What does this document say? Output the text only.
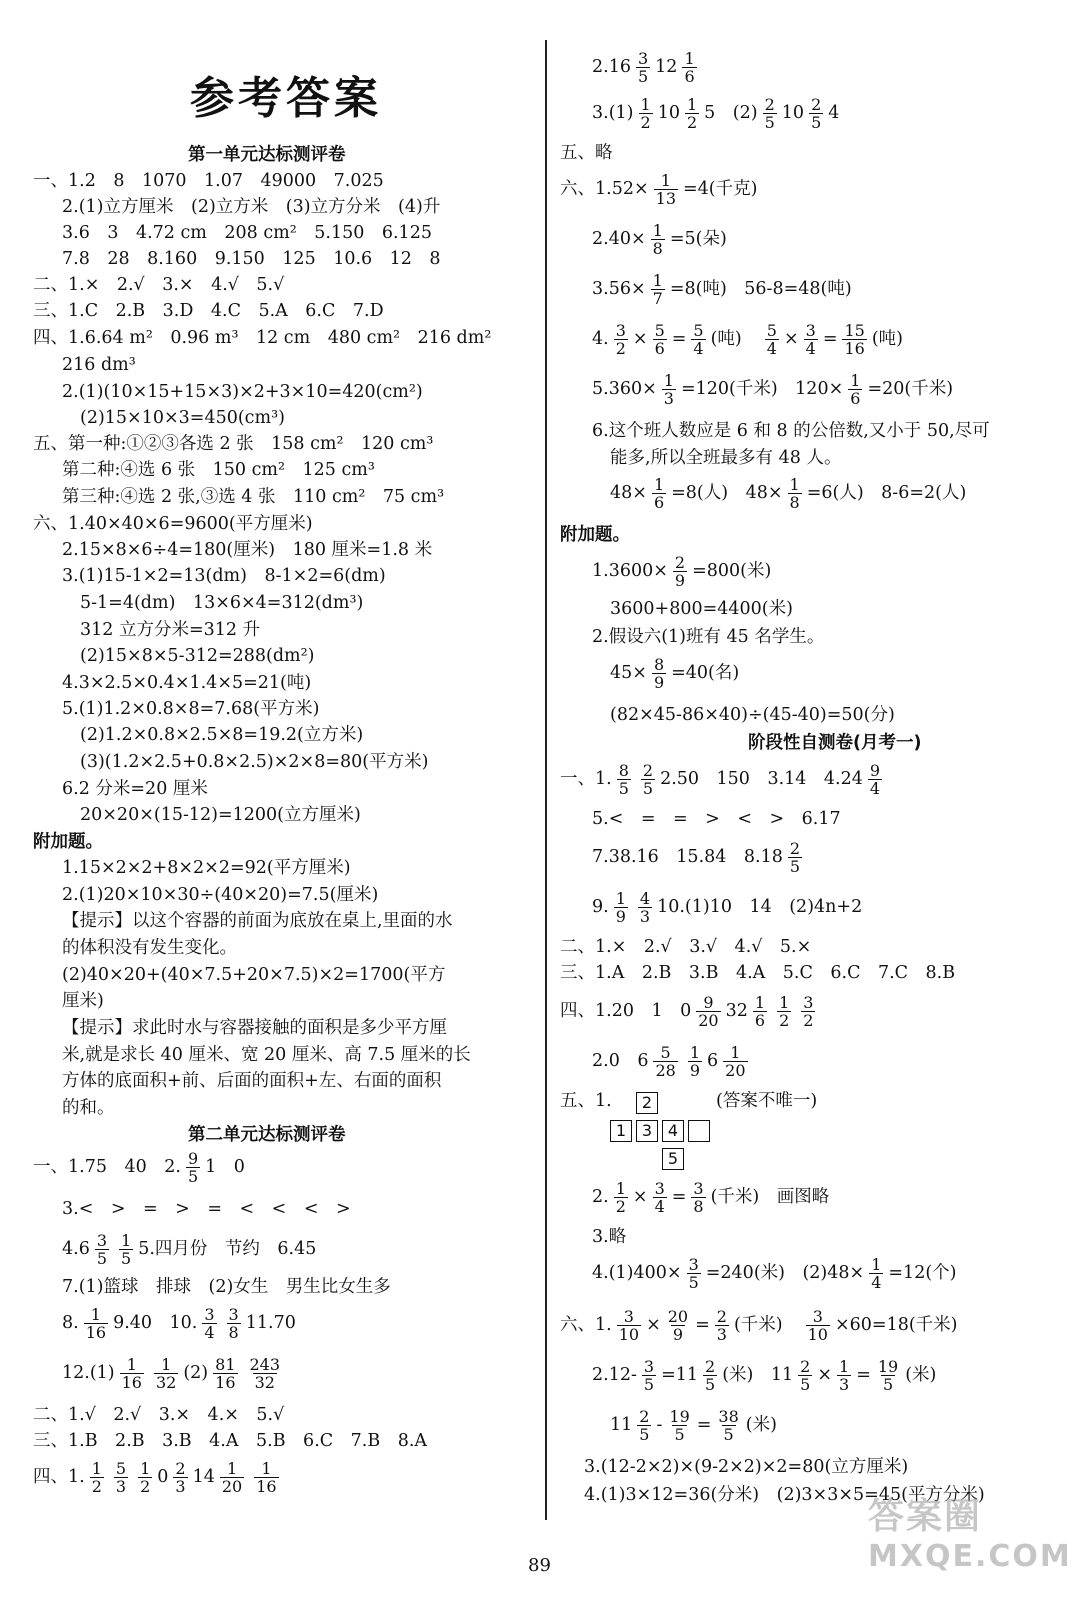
参考答案
第一单元达标测评卷
一、1.2　8　1070　1.07　49000　7.025
2.(1)立方厘米　(2)立方米　(3)立方分米　(4)升
3.6　3　4.72 cm　208 cm²　5.150　6.125
7.8　28　8.160　9.150　125　10.6　12　8
二、1.×　2.√　3.×　4.√　5.√
三、1.C　2.B　3.D　4.C　5.A　6.C　7.D
四、1.6.64 m²　0.96 m³　12 cm　480 cm²　216 dm²
216 dm³
2.(1)(10×15+15×3)×2+3×10=420(cm²)
(2)15×10×3=450(cm³)
五、第一种:①②③各选 2 张　158 cm²　120 cm³
第二种:④选 6 张　150 cm²　125 cm³
第三种:④选 2 张,③选 4 张　110 cm²　75 cm³
六、1.40×40×6=9600(平方厘米)
2.15×8×6÷4=180(厘米)　180 厘米=1.8 米
3.(1)15-1×2=13(dm)　8-1×2=6(dm)
5-1=4(dm)　13×6×4=312(dm³)
312 立方分米=312 升
(2)15×8×5-312=288(dm²)
4.3×2.5×0.4×1.4×5=21(吨)
5.(1)1.2×0.8×8=7.68(平方米)
(2)1.2×0.8×2.5×8=19.2(立方米)
(3)(1.2×2.5+0.8×2.5)×2×8=80(平方米)
6.2 分米=20 厘米
20×20×(15-12)=1200(立方厘米)
附加题。
1.15×2×2+8×2×2=92(平方厘米)
2.(1)20×10×30÷(40×20)=7.5(厘米)
【提示】以这个容器的前面为底放在桌上,里面的水
的体积没有发生变化。
(2)40×20+(40×7.5+20×7.5)×2=1700(平方
厘米)
【提示】求此时水与容器接触的面积是多少平方厘
米,就是求长 40 厘米、宽 20 厘米、高 7.5 厘米的长
方体的底面积+前、后面的面积+左、右面的面积
的和。
第二单元达标测评卷
一、1.75　40　2. $\frac{9}{5} 1$　0
3.<　>　=　>　=　<　<　<　>
$4.6 \frac{3}{5} \frac{1}{5} 5$.四月份　节约　6.45
7.(1)篮球　排球　(2)女生　男生比女生多
8. $\frac{1}{16} 9.40$　10. $\frac{3}{4} \frac{3}{8} 11.70$
$12.(1) \frac{1}{16} \frac{1}{32} (2) \frac{81}{16} \frac{243}{32}$
二、1.√　2.√　3.×　4.×　5.√
三、1.B　2.B　3.B　4.A　5.B　6.C　7.B　8.A
四、1. $\frac{1}{2} \frac{5}{3} \frac{1}{2} 0 \frac{2}{3} 14 \frac{1}{20} \frac{1}{16}$
$2.16 \frac{3}{5} 12 \frac{1}{6}$
$3.(1) \frac{1}{2} 10 \frac{1}{2} 5$　$(2) \frac{2}{5} 10 \frac{2}{5} 4$
五、略
六、$1.52\times \frac{1}{13} =4$(千克)
$2.40\times \frac{1}{8} =5$(朵)
$3.56\times \frac{1}{7} =8$(吨)　56-8=48(吨)
4. $\frac{3}{2} \times \frac{5}{6} = \frac{5}{4}$ (吨) $\frac{5}{4} \times \frac{3}{4} = \frac{15}{16}$ (吨)
$5.360\times \frac{1}{3} =120$(千米)　$120\times \frac{1}{6} =20$(千米)
6.这个班人数应是 6 和 8 的公倍数,又小于 50,尽可
能多,所以全班最多有 48 人。
$48\times \frac{1}{6} =8$(人)　$48\times \frac{1}{8} =6$(人)　8-6=2(人)
附加题。
$1.3600\times \frac{2}{9} =800$(米)
3600+800=4400(米)
2.假设六(1)班有 45 名学生。
$45\times \frac{8}{9} =40$(名)
(82×45-86×40)÷(45-40)=50(分)
阶段性自测卷(月考一)
一、1. $\frac{8}{5} \frac{2}{5} 2.50$　150　3.14　$4.24 \frac{9}{4}$
5.<　=　=　>　<　>　6.17
7.38.16　15.84　$8.18 \frac{2}{5}$
9. $\frac{1}{9} \frac{4}{3} 10.(1)10$　14　(2)4n+2
二、1.×　2.√　3.√　4.√　5.×
三、1.A　2.B　3.B　4.A　5.C　6.C　7.C　8.B
四、1.20　1　$0 \frac{9}{20} 32 \frac{1}{6} \frac{1}{2} \frac{3}{2}$
2.0　$6 \frac{5}{28} \frac{1}{9} 6 \frac{1}{20}$
五、1.	(答案不唯一)
2. $\frac{1}{2} \times \frac{3}{4} = \frac{3}{8}$ (千米)　画图略
3.略
$4.(1)400\times \frac{3}{5} =240$(米)　$(2)48\times \frac{1}{4} =12$(个)
六、1. $\frac{3}{10} \times \frac{20}{9} = \frac{2}{3}$ (千米) $\frac{3}{10} \times 60=18$(千米)
$2.12- \frac{3}{5} =11 \frac{2}{5}$ (米)　$11 \frac{2}{5} \times \frac{1}{3} = \frac{19}{5}$ (米)
$11 \frac{2}{5} - \frac{19}{5} = \frac{38}{5}$ (米)
3.(12-2×2)×(9-2×2)×2=80(立方厘米)
4.(1)3×12=36(分米)　(2)3×3×5=45(平方分米)
2
1 3 4
5
89
答案圈
MXQE.COM
